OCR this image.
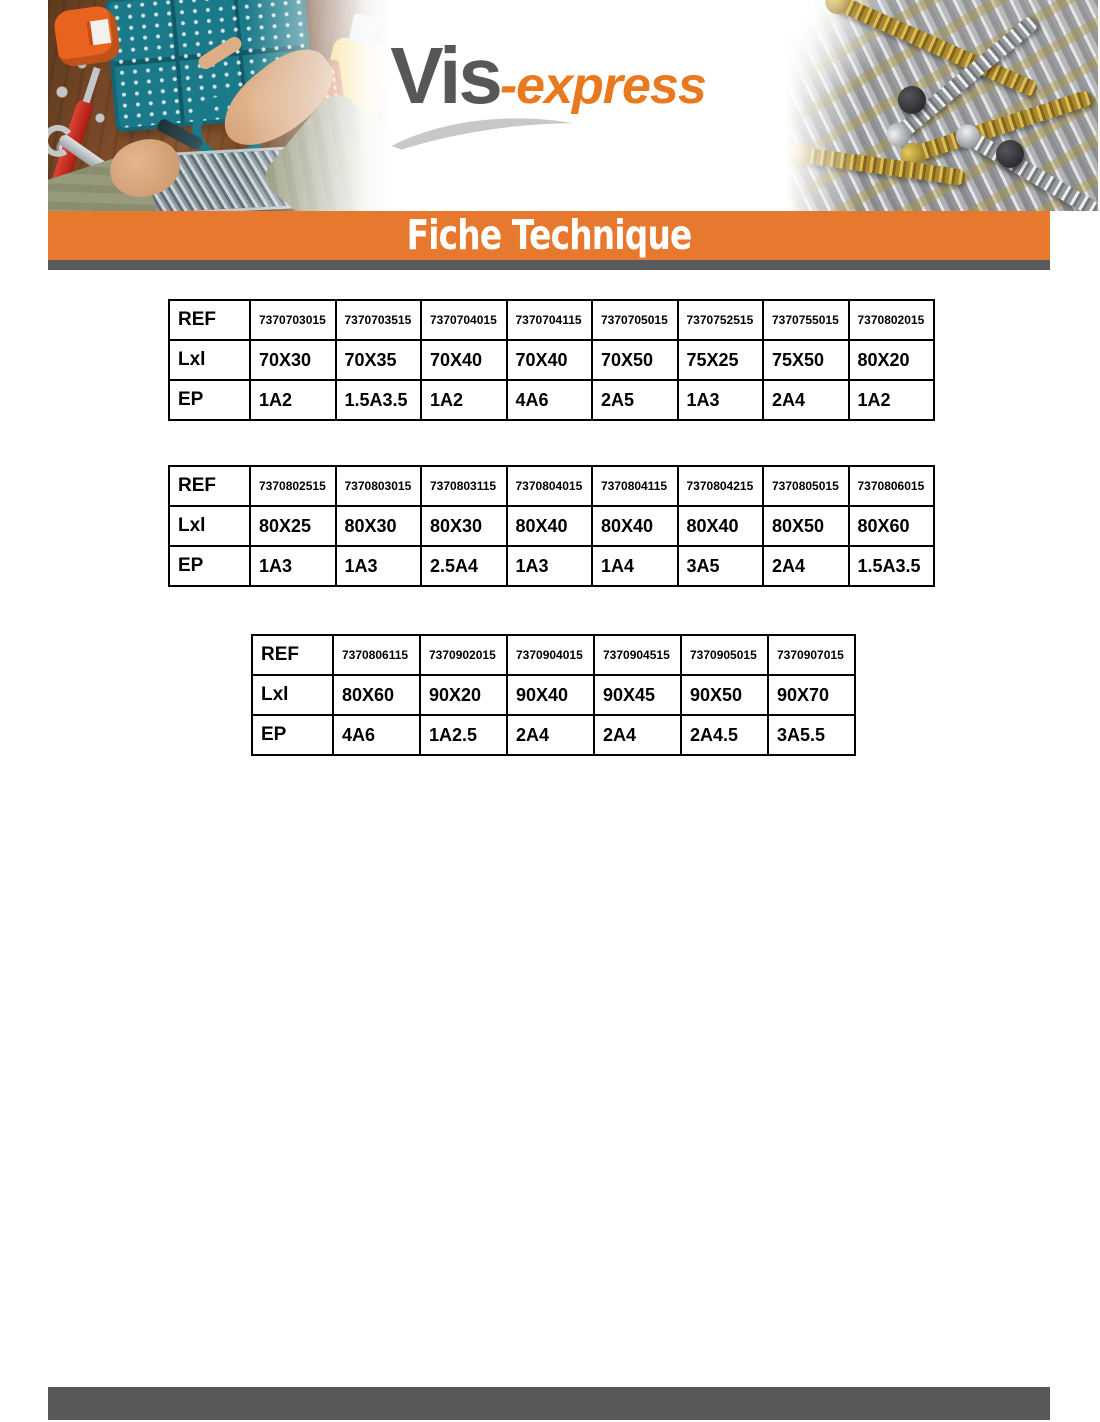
Vis -express
Fiche Technique
REF	7370703015	7370703515	7370704015	7370704115	7370705015	7370752515	7370755015	7370802015
Lxl	70X30	70X35	70X40	70X40	70X50	75X25	75X50	80X20
EP	1A2	1.5A3.5	1A2	4A6	2A5	1A3	2A4	1A2
REF	7370802515	7370803015	7370803115	7370804015	7370804115	7370804215	7370805015	7370806015
Lxl	80X25	80X30	80X30	80X40	80X40	80X40	80X50	80X60
EP	1A3	1A3	2.5A4	1A3	1A4	3A5	2A4	1.5A3.5
REF	7370806115	7370902015	7370904015	7370904515	7370905015	7370907015
Lxl	80X60	90X20	90X40	90X45	90X50	90X70
EP	4A6	1A2.5	2A4	2A4	2A4.5	3A5.5
